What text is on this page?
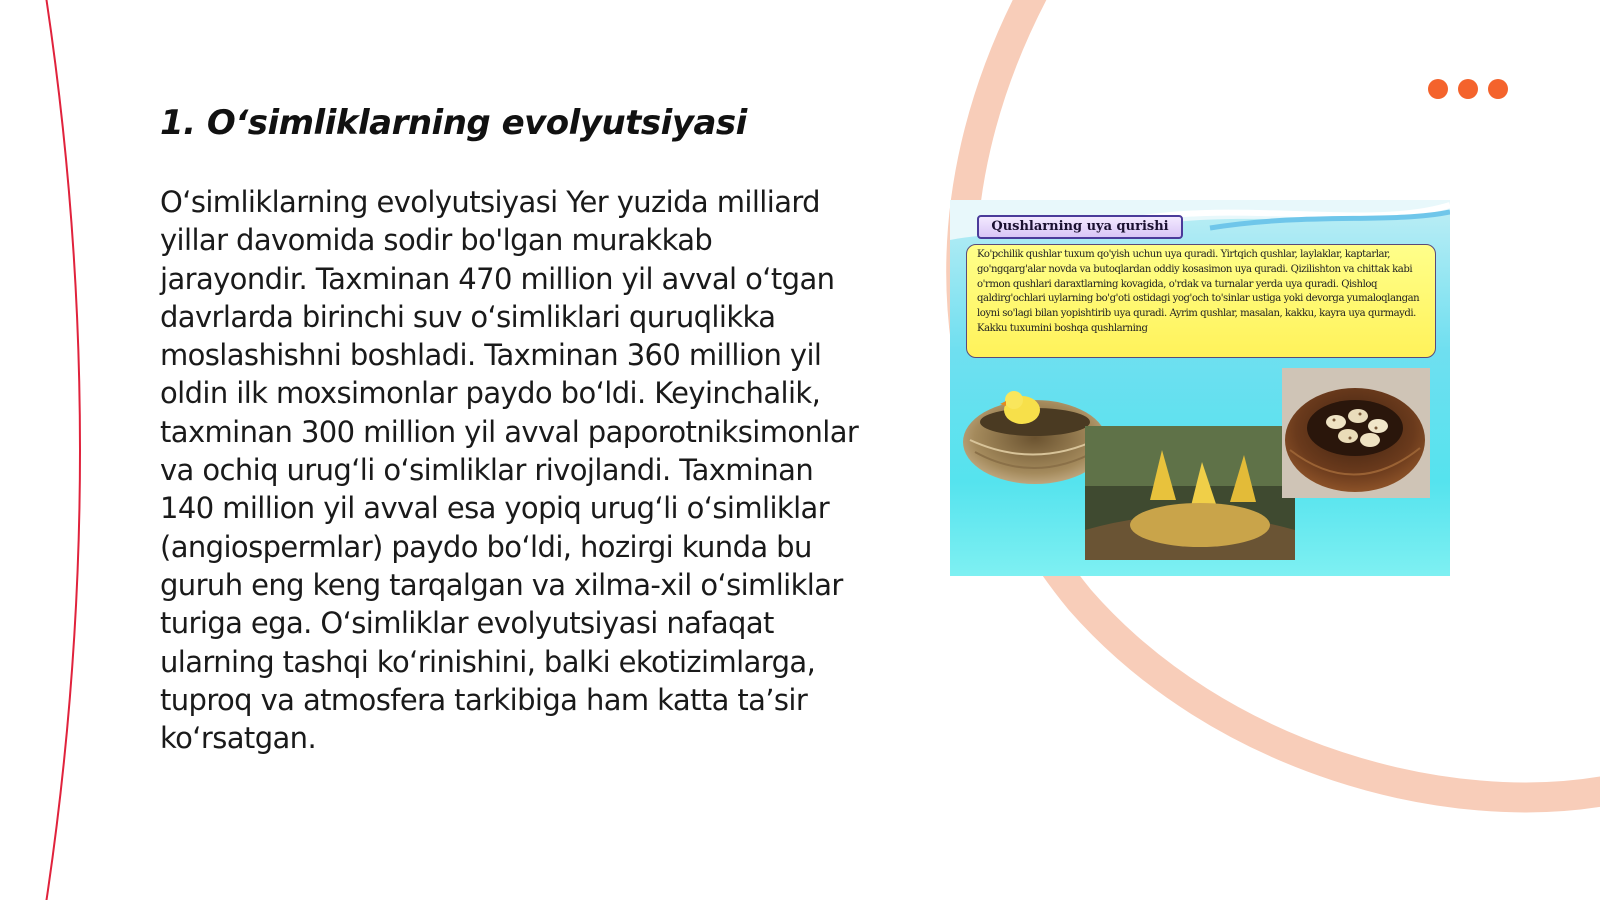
1. O‘simliklarning evolyutsiyasi

O‘simliklarning evolyutsiyasi Yer yuzida milliard yillar davomida sodir bo'lgan murakkab jarayondir. Taxminan 470 million yil avval o‘tgan davrlarda birinchi suv o‘simliklari quruqlikka moslashishni boshladi. Taxminan 360 million yil oldin ilk moxsimonlar paydo bo‘ldi. Keyinchalik, taxminan 300 million yil avval paporotniksimonlar va ochiq urug‘li o‘simliklar rivojlandi. Taxminan 140 million yil avval esa yopiq urug‘li o‘simliklar (angiospermlar) paydo bo‘ldi, hozirgi kunda bu guruh eng keng tarqalgan va xilma-xil o‘simliklar turiga ega. O‘simliklar evolyutsiyasi nafaqat ularning tashqi ko‘rinishini, balki ekotizimlarga, tuproq va atmosfera tarkibiga ham katta ta’sir ko‘rsatgan.

Qushlarning uya qurishi
Ko'pchilik qushlar tuxum qo'yish uchun uya quradi. Yirtqich qushlar, laylaklar, kaptarlar, go'ngqarg'alar novda va butoqlardan oddiy kosasimon uya quradi. Qizilishton va chittak kabi o'rmon qushlari daraxtlarning kovagida, o'rdak va turnalar yerda uya quradi. Qishloq qaldirg'ochlari uylarning bo'g'oti ostidagi yog'och to'sinlar ustiga yoki devorga yumaloqlangan loyni so'lagi bilan yopishtirib uya quradi. Ayrim qushlar, masalan, kakku, kayra uya qurmaydi. Kakku tuxumini boshqa qushlarning
